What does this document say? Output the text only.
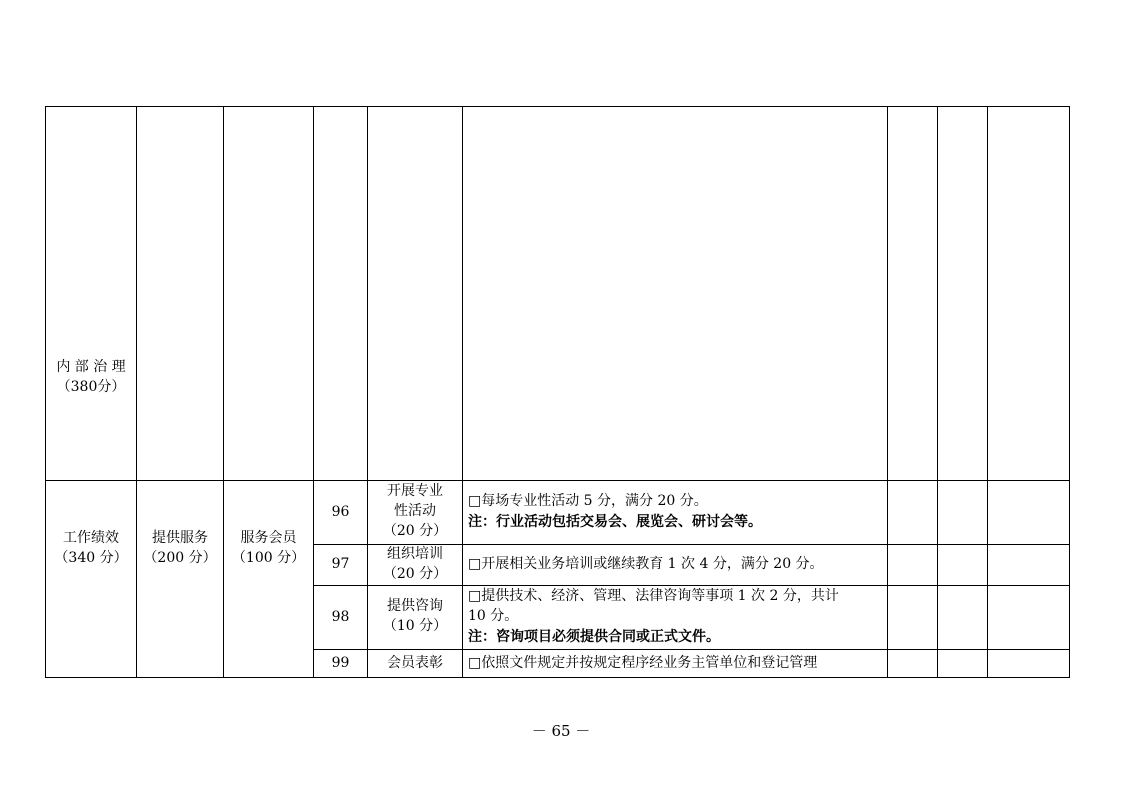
内 部 治 理
（380分）
工作绩效
（340 分）
提供服务
（200 分）
服务会员
（100 分）
96
开展专业
性活动
（20 分）
□每场专业性活动 5 分，满分 20 分。
注：行业活动包括交易会、展览会、研讨会等。
97
组织培训
（20 分）
□开展相关业务培训或继续教育 1 次 4 分，满分 20 分。
98
提供咨询
（10 分）
□提供技术、经济、管理、法律咨询等事项 1 次 2 分，共计
10 分。
注：咨询项目必须提供合同或正式文件。
99	会员表彰	□依照文件规定并按规定程序经业务主管单位和登记管理
－ 65 －
